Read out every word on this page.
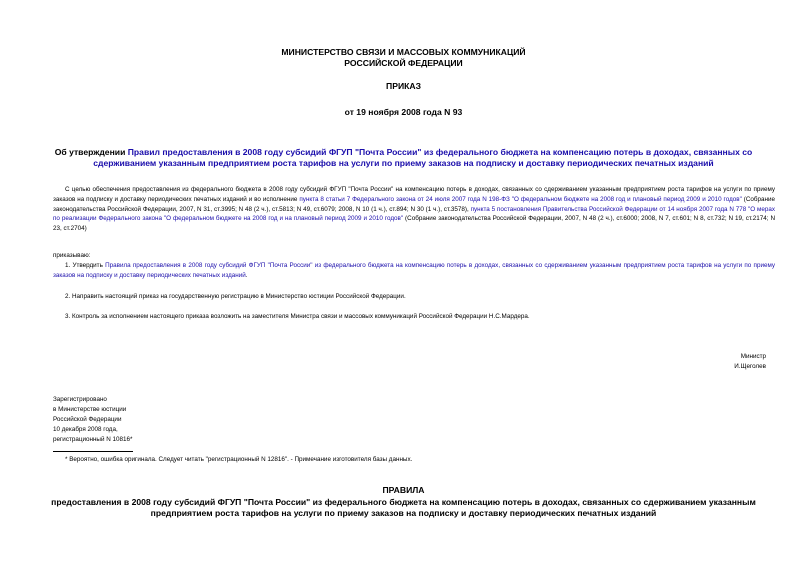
МИНИСТЕРСТВО СВЯЗИ И МАССОВЫХ КОММУНИКАЦИЙ
РОССИЙСКОЙ ФЕДЕРАЦИИ
ПРИКАЗ
от 19 ноября 2008 года N 93
Об утверждении Правил предоставления в 2008 году субсидий ФГУП "Почта России" из федерального бюджета на компенсацию потерь в доходах, связанных со сдерживанием указанным предприятием роста тарифов на услуги по приему заказов на подписку и доставку периодических печатных изданий
С целью обеспечения предоставления из федерального бюджета в 2008 году субсидий ФГУП "Почта России" на компенсацию потерь в доходах, связанных со сдерживанием указанным предприятием роста тарифов на услуги по приему заказов на подписку и доставку периодических печатных изданий и во исполнение пункта 8 статьи 7 Федерального закона от 24 июля 2007 года N 198-ФЗ "О федеральном бюджете на 2008 год и плановый период 2009 и 2010 годов" (Собрание законодательства Российской Федерации, 2007, N 31, ст.3995; N 48 (2 ч.), ст.5813; N 49, ст.6079; 2008, N 10 (1 ч.), ст.894; N 30 (1 ч.), ст.3578), пункта 5 постановления Правительства Российской Федерации от 14 ноября 2007 года N 778 "О мерах по реализации Федерального закона "О федеральном бюджете на 2008 год и на плановый период 2009 и 2010 годов" (Собрание законодательства Российской Федерации, 2007, N 48 (2 ч.), ст.6000; 2008, N 7, ст.601; N 8, ст.732; N 19, ст.2174; N 23, ст.2704)
приказываю:
1. Утвердить Правила предоставления в 2008 году субсидий ФГУП "Почта России" из федерального бюджета на компенсацию потерь в доходах, связанных со сдерживанием указанным предприятием роста тарифов на услуги по приему заказов на подписку и доставку периодических печатных изданий.
2. Направить настоящий приказ на государственную регистрацию в Министерство юстиции Российской Федерации.
3. Контроль за исполнением настоящего приказа возложить на заместителя Министра связи и массовых коммуникаций Российской Федерации Н.С.Мардера.
Министр
И.Щеголев
Зарегистрировано
в Министерстве юстиции
Российской Федерации
10 декабря 2008 года,
регистрационный N 10816*
* Вероятно, ошибка оригинала. Следует читать "регистрационный N 12816". - Примечание изготовителя базы данных.
ПРАВИЛА
предоставления в 2008 году субсидий ФГУП "Почта России" из федерального бюджета на компенсацию потерь в доходах, связанных со сдерживанием указанным предприятием роста тарифов на услуги по приему заказов на подписку и доставку периодических печатных изданий
